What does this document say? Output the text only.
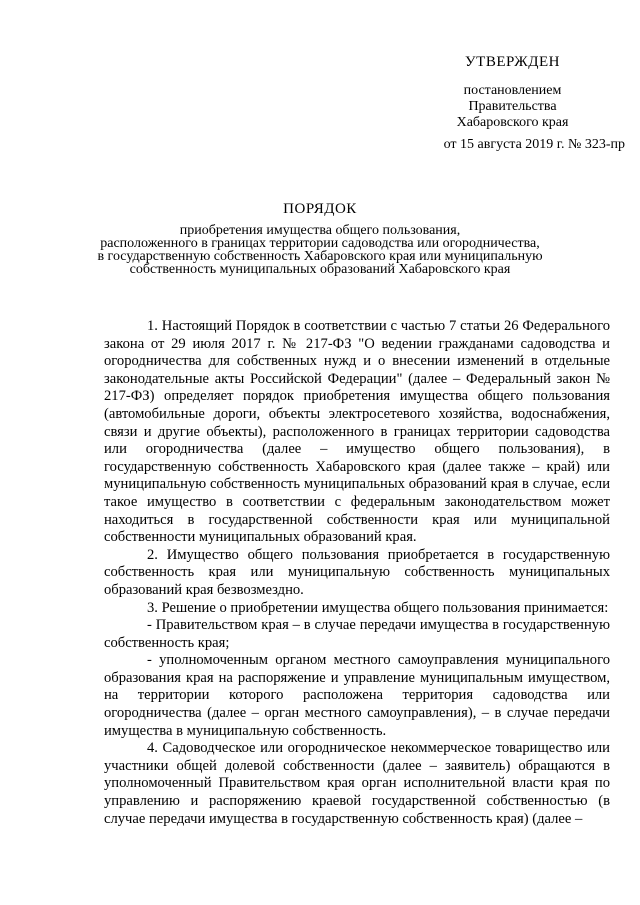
УТВЕРЖДЕН
постановлением
Правительства
Хабаровского края
от 15 августа 2019 г. № 323-пр
ПОРЯДОК
приобретения имущества общего пользования,
расположенного в границах территории садоводства или огородничества,
в государственную собственность Хабаровского края или муниципальную
собственность муниципальных образований Хабаровского края

1. Настоящий Порядок в соответствии с частью 7 статьи 26 Федерального закона от 29 июля 2017 г. № 217-ФЗ "О ведении гражданами садоводства и огородничества для собственных нужд и о внесении изменений в отдельные законодательные акты Российской Федерации" (далее – Федеральный закон № 217-ФЗ) определяет порядок приобретения имущества общего пользования (автомобильные дороги, объекты электросетевого хозяйства, водоснабжения, связи и другие объекты), расположенного в границах территории садоводства или огородничества (далее – имущество общего пользования), в государственную собственность Хабаровского края (далее также – край) или муниципальную собственность муниципальных образований края в случае, если такое имущество в соответствии с федеральным законодательством может находиться в государственной собственности края или муниципальной собственности муниципальных образований края.

2. Имущество общего пользования приобретается в государственную собственность края или муниципальную собственность муниципальных образований края безвозмездно.

3. Решение о приобретении имущества общего пользования принимается:

- Правительством края – в случае передачи имущества в государственную собственность края;

- уполномоченным органом местного самоуправления муниципального образования края на распоряжение и управление муниципальным имуществом, на территории которого расположена территория садоводства или огородничества (далее – орган местного самоуправления), – в случае передачи имущества в муниципальную собственность.

4. Садоводческое или огородническое некоммерческое товарищество или участники общей долевой собственности (далее – заявитель) обращаются в уполномоченный Правительством края орган исполнительной власти края по управлению и распоряжению краевой государственной собственностью (в случае передачи имущества в государственную собственность края) (далее –
